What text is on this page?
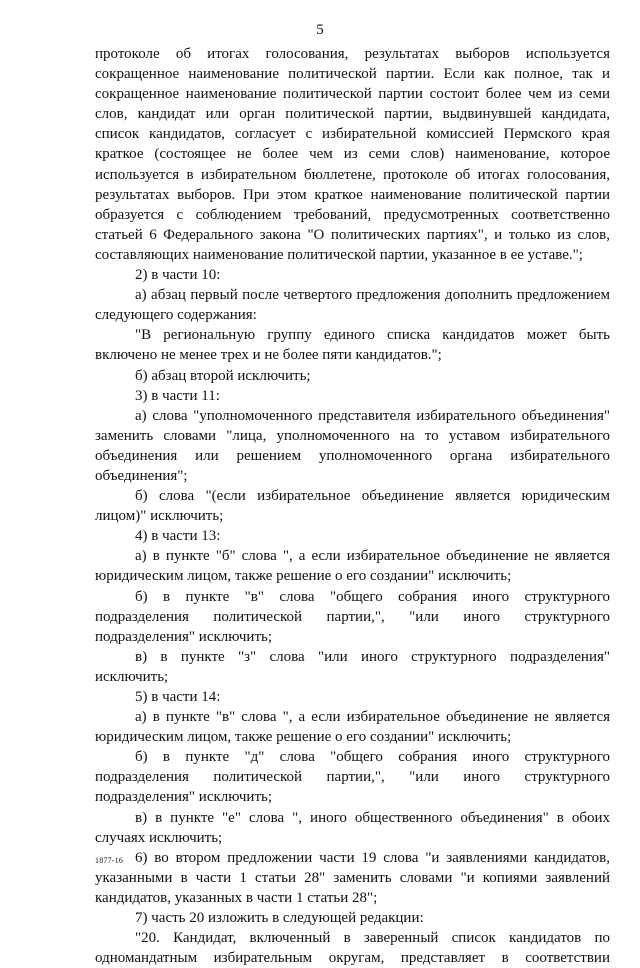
5

протоколе об итогах голосования, результатах выборов используется сокращенное наименование политической партии. Если как полное, так и сокращенное наименование политической партии состоит более чем из семи слов, кандидат или орган политической партии, выдвинувшей кандидата, список кандидатов, согласует с избирательной комиссией Пермского края краткое (состоящее не более чем из семи слов) наименование, которое используется в избирательном бюллетене, протоколе об итогах голосования, результатах выборов. При этом краткое наименование политической партии образуется с соблюдением требований, предусмотренных соответственно статьей 6 Федерального закона "О политических партиях", и только из слов, составляющих наименование политической партии, указанное в ее уставе.";

2) в части 10:

а) абзац первый после четвертого предложения дополнить предложением следующего содержания:

"В региональную группу единого списка кандидатов может быть включено не менее трех и не более пяти кандидатов.";

б) абзац второй исключить;

3) в части 11:

а) слова "уполномоченного представителя избирательного объединения" заменить словами "лица, уполномоченного на то уставом избирательного объединения или решением уполномоченного органа избирательного объединения";

б) слова "(если избирательное объединение является юридическим лицом)" исключить;

4) в части 13:

а) в пункте "б" слова ", а если избирательное объединение не является юридическим лицом, также решение о его создании" исключить;

б) в пункте "в" слова "общего собрания иного структурного подразделения политической партии,", "или иного структурного подразделения" исключить;

в) в пункте "з" слова "или иного структурного подразделения" исключить;

5) в части 14:

а) в пункте "в" слова ", а если избирательное объединение не является юридическим лицом, также решение о его создании" исключить;

б) в пункте "д" слова "общего собрания иного структурного подразделения политической партии,", "или иного структурного подразделения" исключить;

в) в пункте "е" слова ", иного общественного объединения" в обоих случаях исключить;

6) во втором предложении части 19 слова "и заявлениями кандидатов, указанными в части 1 статьи 28" заменить словами "и копиями заявлений кандидатов, указанных в части 1 статьи 28";

7) часть 20 изложить в следующей редакции:

"20. Кандидат, включенный в заверенный список кандидатов по одномандатным избирательным округам, представляет в соответствии

1877-16
